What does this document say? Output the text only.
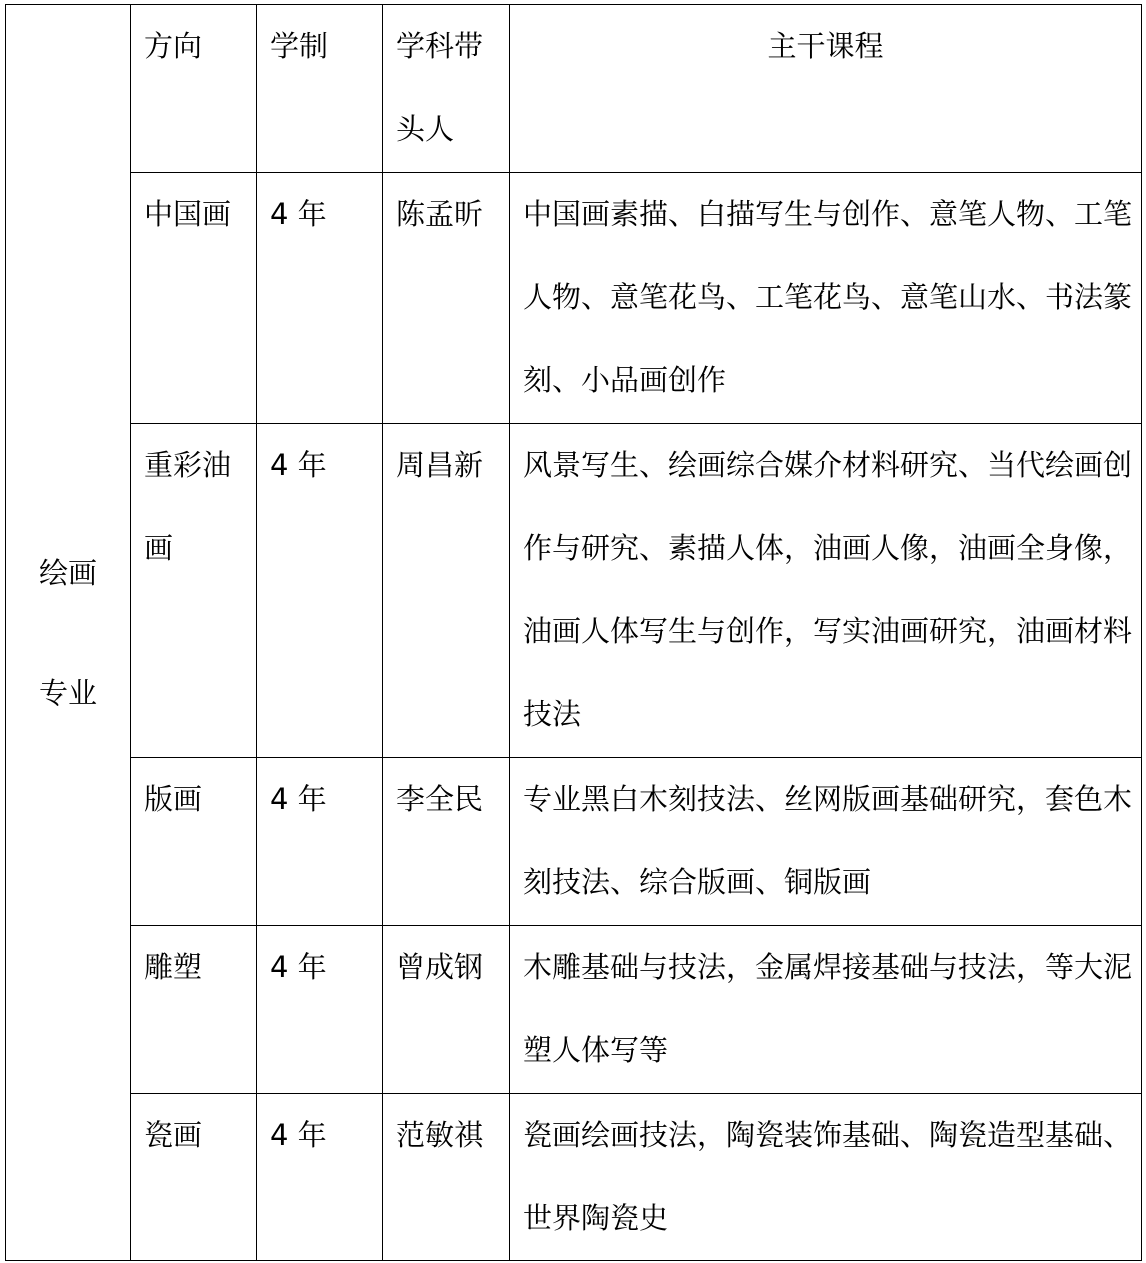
绘画
专业	方向	学制	学科带头人	主干课程
	中国画	4 年	陈孟昕	中国画素描、白描写生与创作、意笔人物、工笔人物、意笔花鸟、工笔花鸟、意笔山水、书法篆刻、小品画创作
	重彩油画	4 年	周昌新	风景写生、绘画综合媒介材料研究、当代绘画创作与研究、素描人体，油画人像，油画全身像，油画人体写生与创作，写实油画研究，油画材料技法
	版画	4 年	李全民	专业黑白木刻技法、丝网版画基础研究，套色木刻技法、综合版画、铜版画
	雕塑	4 年	曾成钢	木雕基础与技法，金属焊接基础与技法，等大泥塑人体写等
	瓷画	4 年	范敏祺	瓷画绘画技法，陶瓷装饰基础、陶瓷造型基础、世界陶瓷史
